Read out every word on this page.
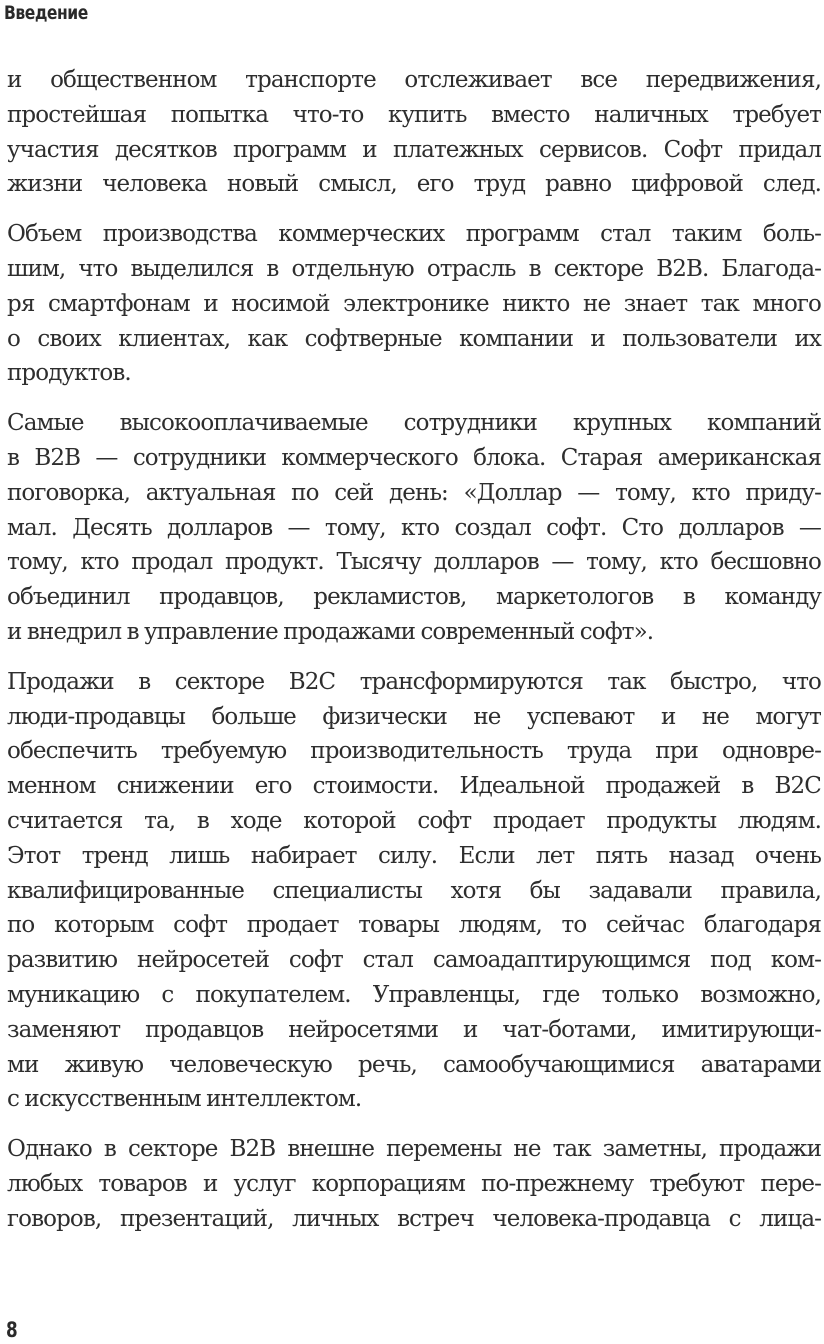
Введение
и общественном транспорте отслеживает все передвижения,
простейшая попытка что-то купить вместо наличных требует
участия десятков программ и платежных сервисов. Софт придал
жизни человека новый смысл, его труд равно цифровой след.
Объем производства коммерческих программ стал таким боль-
шим, что выделился в отдельную отрасль в секторе B2B. Благода-
ря смартфонам и носимой электронике никто не знает так много
о своих клиентах, как софтверные компании и пользователи их
продуктов.
Самые высокооплачиваемые сотрудники крупных компаний
в B2B — сотрудники коммерческого блока. Старая американская
поговорка, актуальная по сей день: «Доллар — тому, кто приду-
мал. Десять долларов — тому, кто создал софт. Сто долларов —
тому, кто продал продукт. Тысячу долларов — тому, кто бесшовно
объединил продавцов, рекламистов, маркетологов в команду
и внедрил в управление продажами современный софт».
Продажи в секторе B2C трансформируются так быстро, что
люди-продавцы больше физически не успевают и не могут
обеспечить требуемую производительность труда при одновре-
менном снижении его стоимости. Идеальной продажей в B2C
считается та, в ходе которой софт продает продукты людям.
Этот тренд лишь набирает силу. Если лет пять назад очень
квалифицированные специалисты хотя бы задавали правила,
по которым софт продает товары людям, то сейчас благодаря
развитию нейросетей софт стал самоадаптирующимся под ком-
муникацию с покупателем. Управленцы, где только возможно,
заменяют продавцов нейросетями и чат-ботами, имитирующи-
ми живую человеческую речь, самообучающимися аватарами
с искусственным интеллектом.
Однако в секторе B2B внешне перемены не так заметны, продажи
любых товаров и услуг корпорациям по-прежнему требуют пере-
говоров, презентаций, личных встреч человека-продавца с лица-
8
